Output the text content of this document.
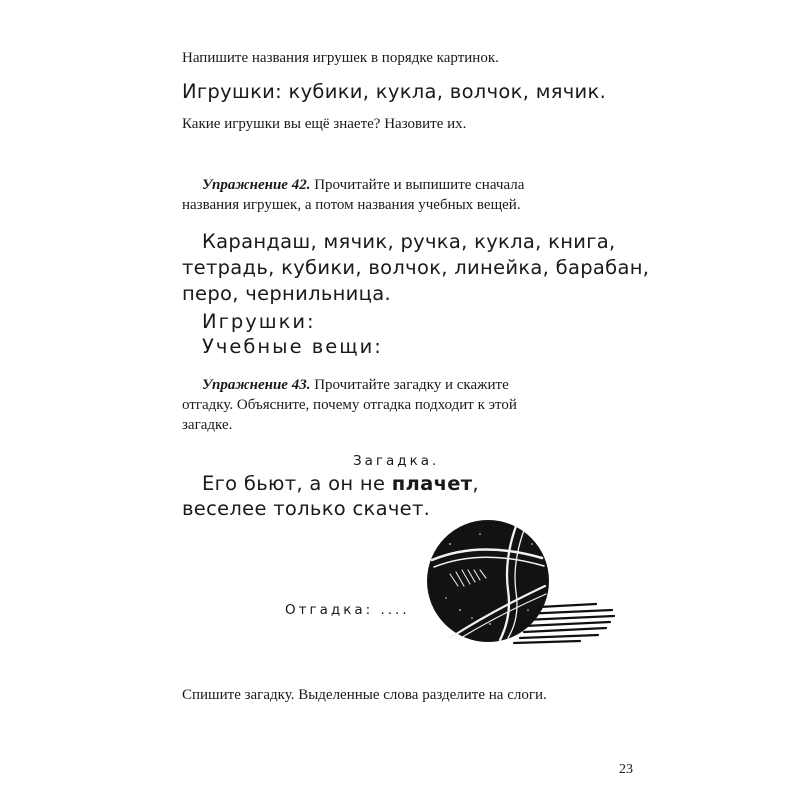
Напишите названия игрушек в порядке картинок.

Игрушки: кубики, кукла, волчок, мячик.

Какие игрушки вы ещё знаете? Назовите их.

Упражнение 42. Прочитайте и выпишите сначала

названия игрушек, а потом названия учебных вещей.

Карандаш, мячик, ручка, кукла, книга,

тетрадь, кубики, волчок, линейка, барабан,

перо, чернильница.

Игрушки:

Учебные вещи:

Упражнение 43. Прочитайте загадку и скажите

отгадку. Объясните, почему отгадка подходит к этой

загадке.

Загадка.

Его бьют, а он не плачет,

веселее только скачет.

Отгадка: ....

Спишите загадку. Выделенные слова разделите на слоги.

23
